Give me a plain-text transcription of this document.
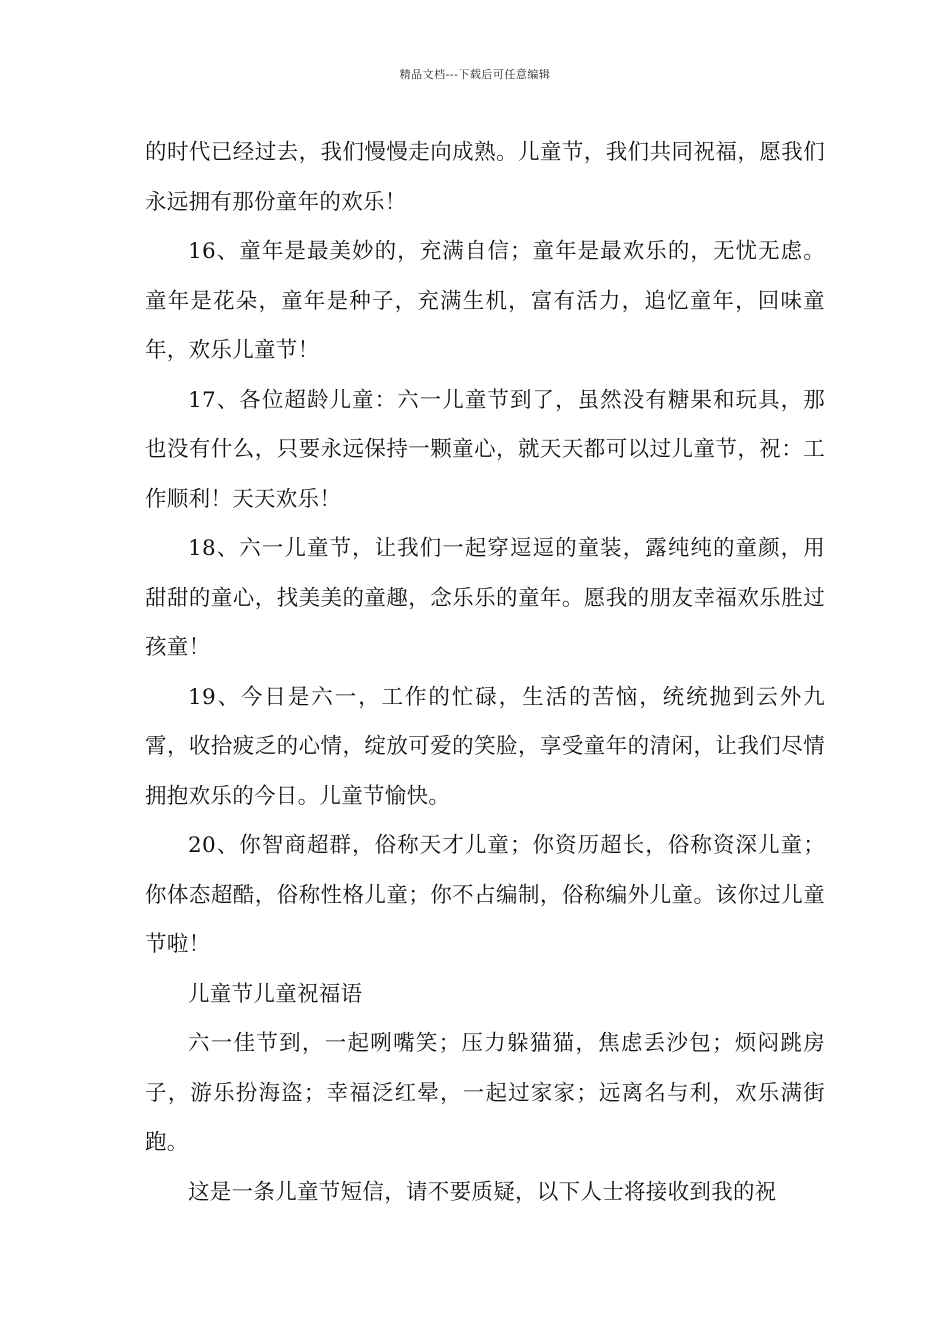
精品文档---下载后可任意编辑

的时代已经过去，我们慢慢走向成熟。儿童节，我们共同祝福，愿我们永远拥有那份童年的欢乐！

16、童年是最美妙的，充满自信；童年是最欢乐的，无忧无虑。童年是花朵，童年是种子，充满生机，富有活力，追忆童年，回味童年，欢乐儿童节！

17、各位超龄儿童：六一儿童节到了，虽然没有糖果和玩具，那也没有什么，只要永远保持一颗童心，就天天都可以过儿童节，祝：工作顺利！天天欢乐！

18、六一儿童节，让我们一起穿逗逗的童装，露纯纯的童颜，用甜甜的童心，找美美的童趣，念乐乐的童年。愿我的朋友幸福欢乐胜过孩童！

19、今日是六一，工作的忙碌，生活的苦恼，统统抛到云外九霄，收拾疲乏的心情，绽放可爱的笑脸，享受童年的清闲，让我们尽情拥抱欢乐的今日。儿童节愉快。

20、你智商超群，俗称天才儿童；你资历超长，俗称资深儿童；你体态超酷，俗称性格儿童；你不占编制，俗称编外儿童。该你过儿童节啦！

儿童节儿童祝福语

六一佳节到，一起咧嘴笑；压力躲猫猫，焦虑丢沙包；烦闷跳房子，游乐扮海盗；幸福泛红晕，一起过家家；远离名与利，欢乐满街跑。

这是一条儿童节短信，请不要质疑，以下人士将接收到我的祝
